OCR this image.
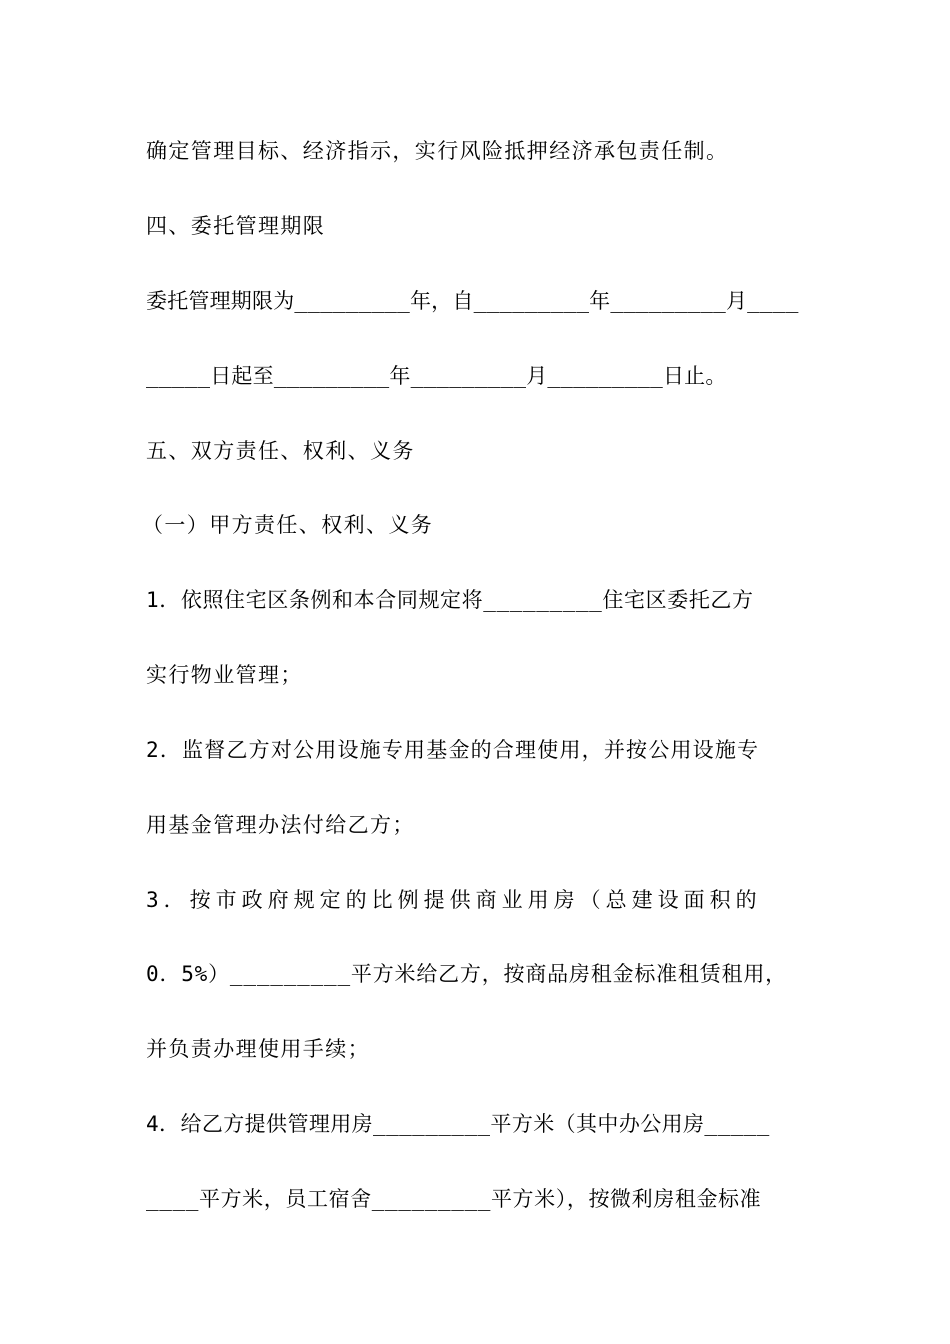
确定管理目标、经济指示，实行风险抵押经济承包责任制。
四、委托管理期限
委托管理期限为_________年，自_________年_________月____
_____日起至_________年_________月_________日止。
五、双方责任、权利、义务
（一）甲方责任、权利、义务
1．依照住宅区条例和本合同规定将_________住宅区委托乙方
实行物业管理；
2．监督乙方对公用设施专用基金的合理使用，并按公用设施专
用基金管理办法付给乙方；
3．按市政府规定的比例提供商业用房（总建设面积的
0．5%）_________平方米给乙方，按商品房租金标准租赁租用，
并负责办理使用手续；
4．给乙方提供管理用房_________平方米（其中办公用房_____
____平方米，员工宿舍_________平方米），按微利房租金标准
